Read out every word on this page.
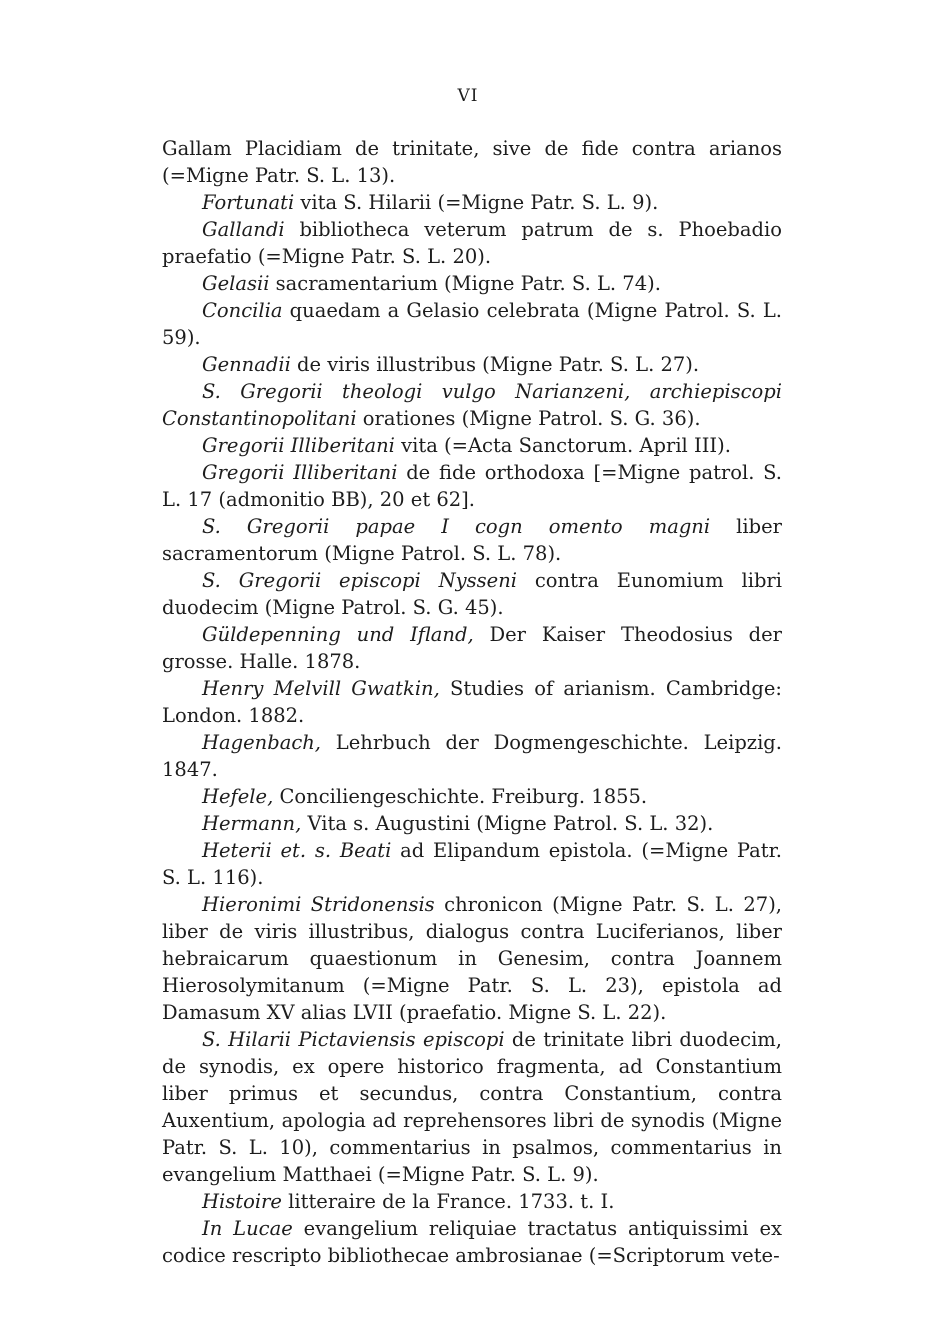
VI

Gallam Placidiam de trinitate, sive de fide contra arianos (=Migne Patr. S. L. 13).

Fortunati vita S. Hilarii (=Migne Patr. S. L. 9).

Gallandi bibliotheca veterum patrum de s. Phoebadio praefatio (=Migne Patr. S. L. 20).

Gelasii sacramentarium (Migne Patr. S. L. 74).

Concilia quaedam a Gelasio celebrata (Migne Patrol. S. L. 59).

Gennadii de viris illustribus (Migne Patr. S. L. 27).

S. Gregorii theologi vulgo Narianzeni, archiepiscopi Constantinopolitani orationes (Migne Patrol. S. G. 36).

Gregorii Illiberitani vita (=Acta Sanctorum. April III).

Gregorii Illiberitani de fide orthodoxa [=Migne patrol. S. L. 17 (admonitio BB), 20 et 62].

S. Gregorii papae I cogn omento magni liber sacramentorum (Migne Patrol. S. L. 78).

S. Gregorii episcopi Nysseni contra Eunomium libri duodecim (Migne Patrol. S. G. 45).

Güldepenning und Ifland, Der Kaiser Theodosius der grosse. Halle. 1878.

Henry Melvill Gwatkin, Studies of arianism. Cambridge: London. 1882.

Hagenbach, Lehrbuch der Dogmengeschichte. Leipzig. 1847.

Hefele, Conciliengeschichte. Freiburg. 1855.

Hermann, Vita s. Augustini (Migne Patrol. S. L. 32).

Heterii et. s. Beati ad Elipandum epistola. (=Migne Patr. S. L. 116).

Hieronimi Stridonensis chronicon (Migne Patr. S. L. 27), liber de viris illustribus, dialogus contra Luciferianos, liber hebraicarum quaestionum in Genesim, contra Joannem Hierosolymitanum (=Migne Patr. S. L. 23), epistola ad Damasum XV alias LVII (praefatio. Migne S. L. 22).

S. Hilarii Pictaviensis episcopi de trinitate libri duodecim, de synodis, ex opere historico fragmenta, ad Constantium liber primus et secundus, contra Constantium, contra Auxentium, apologia ad reprehensores libri de synodis (Migne Patr. S. L. 10), commentarius in psalmos, commentarius in evangelium Matthaei (=Migne Patr. S. L. 9).

Histoire litteraire de la France. 1733. t. I.

In Lucae evangelium reliquiae tractatus antiquissimi ex codice rescripto bibliothecae ambrosianae (=Scriptorum vete-
